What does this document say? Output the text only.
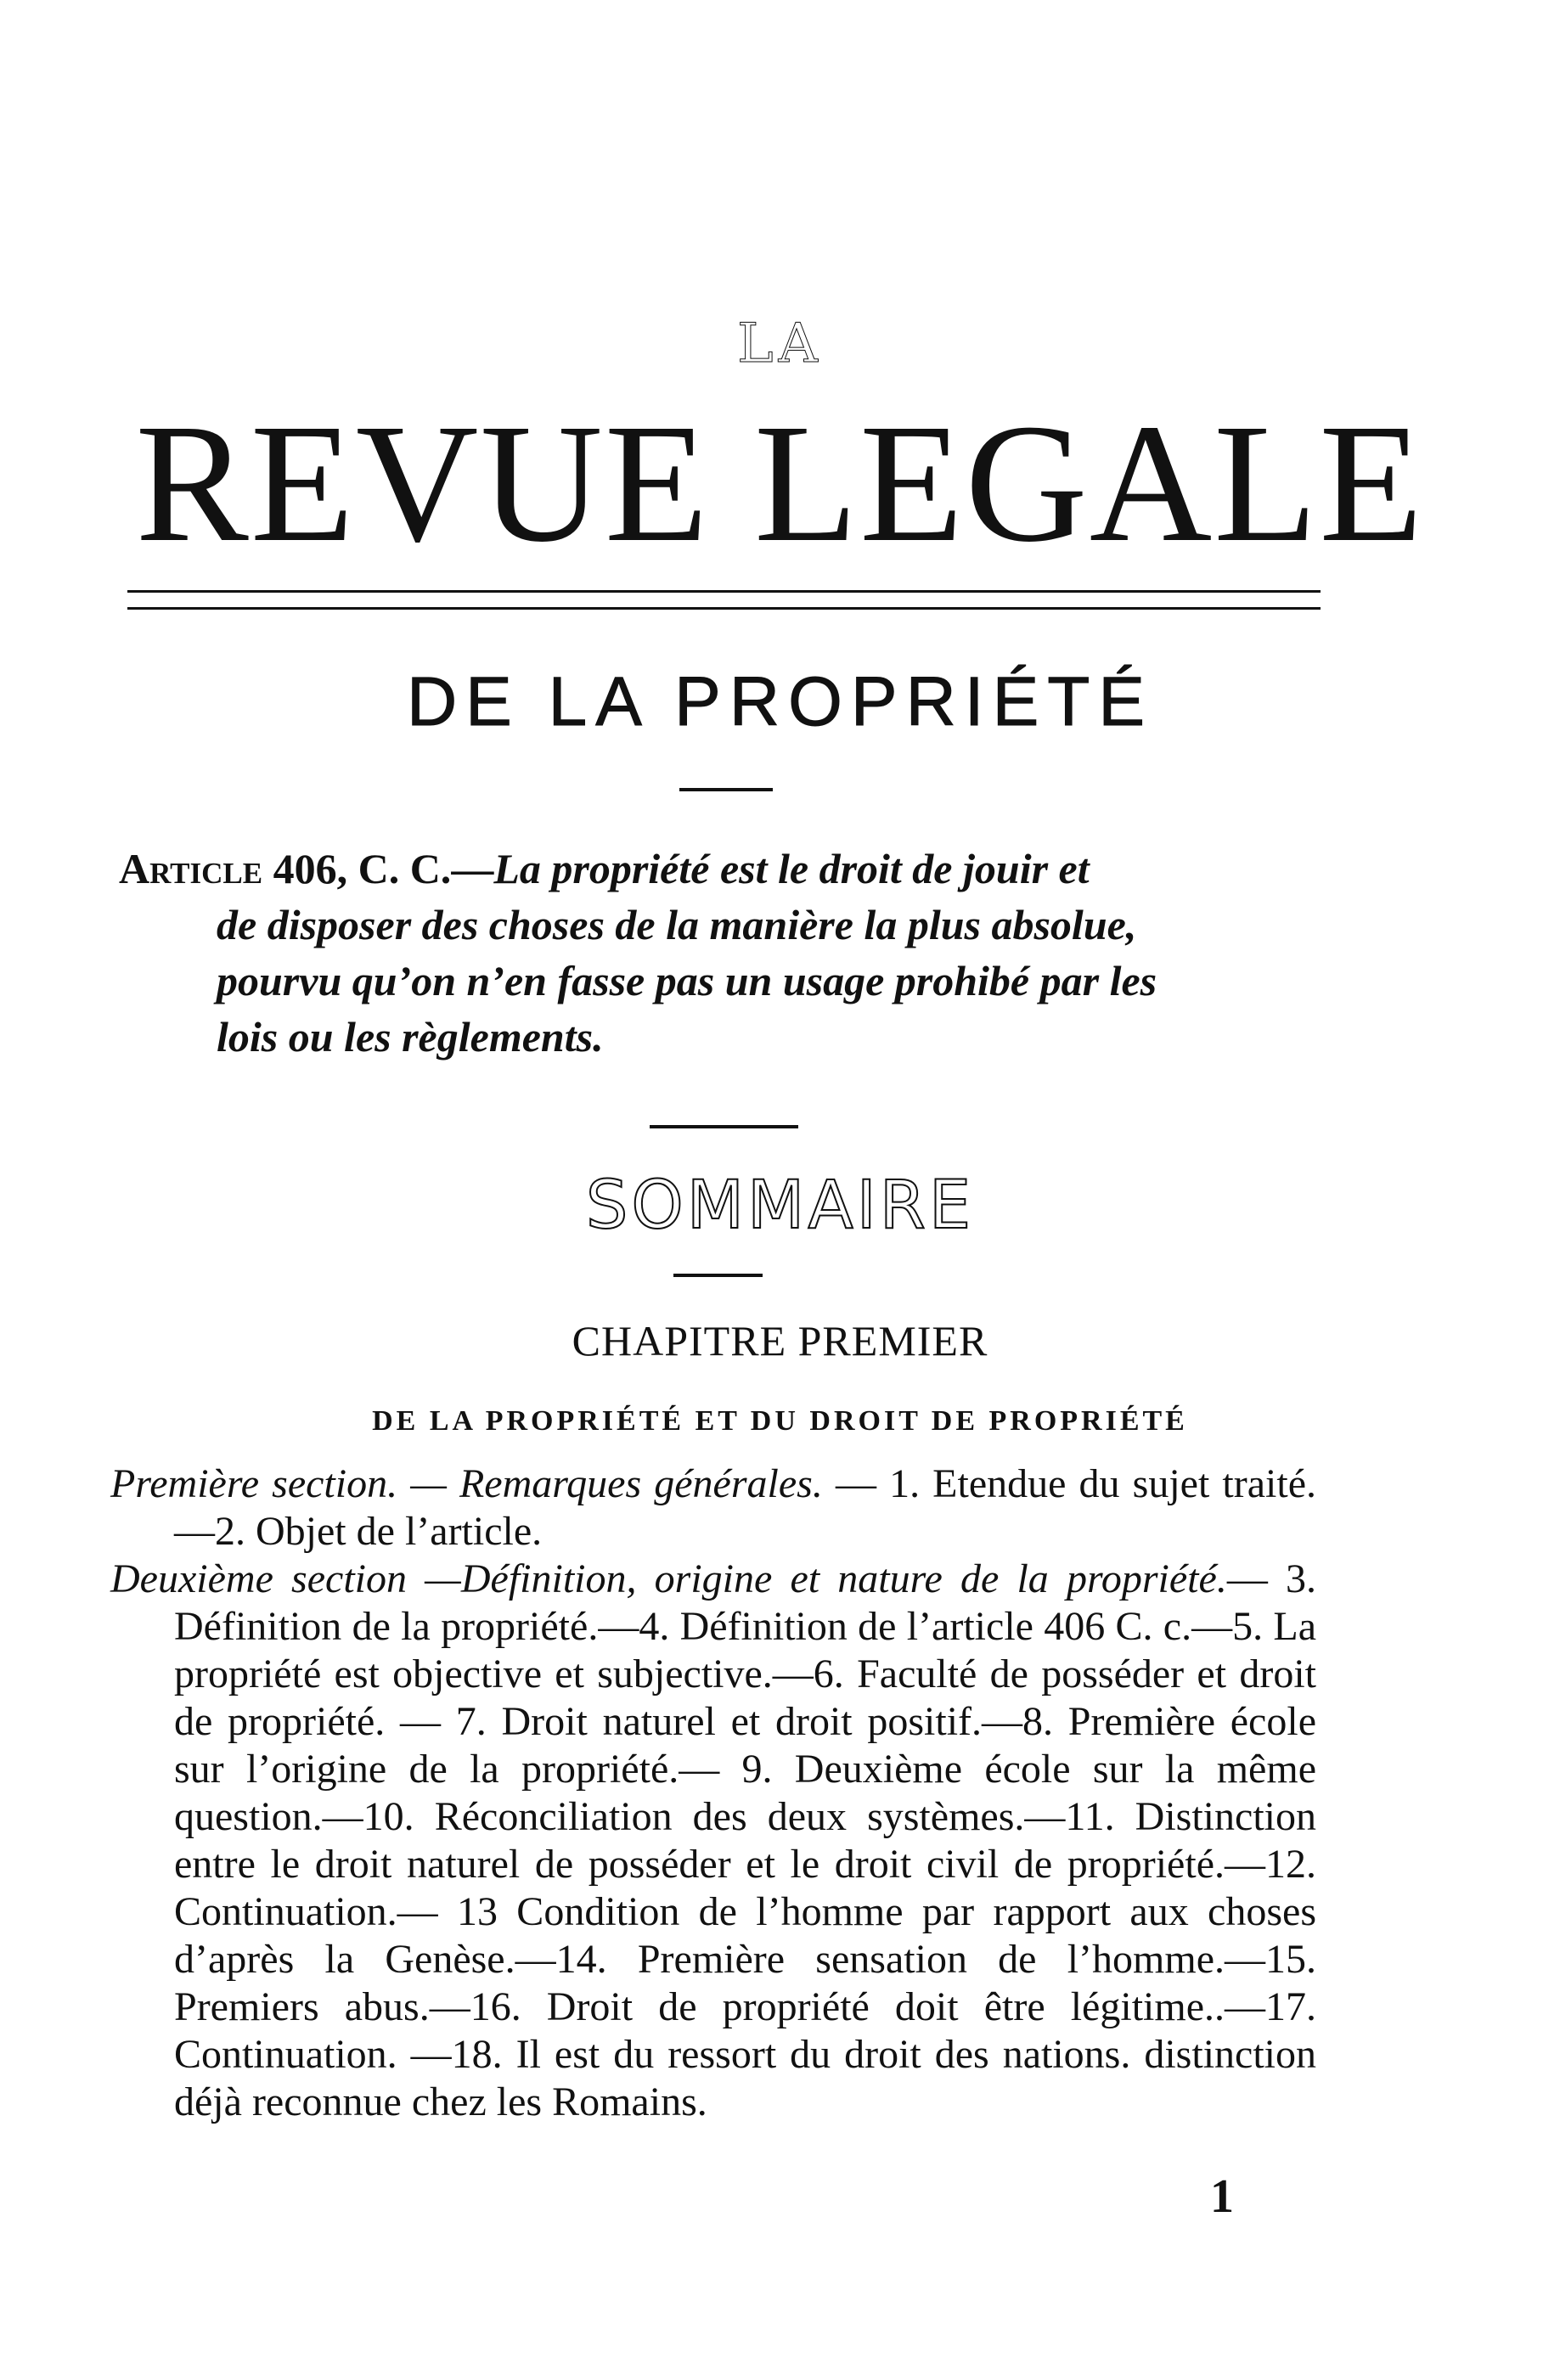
LA
REVUE LEGALE
DE LA PROPRIÉTÉ
Article 406, C. C.—La propriété est le droit de jouir et
de disposer des choses de la manière la plus absolue,
pourvu qu’on n’en fasse pas un usage prohibé par les
lois ou les règlements.
SOMMAIRE
CHAPITRE PREMIER
DE LA PROPRIÉTÉ ET DU DROIT DE PROPRIÉTÉ

Première section. — Remarques générales. — 1. Etendue du sujet traité.—2. Objet de l’article.

Deuxième section —Définition, origine et nature de la propriété.— 3. Définition de la propriété.—4. Définition de l’article 406 C. c.—5. La propriété est objective et subjective.—6. Faculté de posséder et droit de propriété. — 7. Droit naturel et droit positif.—8. Première école sur l’origine de la propriété.— 9. Deuxième école sur la même question.—10. Réconciliation des deux systèmes.—11. Distinction entre le droit naturel de posséder et le droit civil de propriété.—12. Continuation.— 13 Condition de l’homme par rapport aux choses d’après la Genèse.—14. Première sensation de l’homme.—15. Premiers abus.—16. Droit de propriété doit être légitime..—17. Continuation. —18. Il est du ressort du droit des nations. distinction déjà reconnue chez les Romains.

1
